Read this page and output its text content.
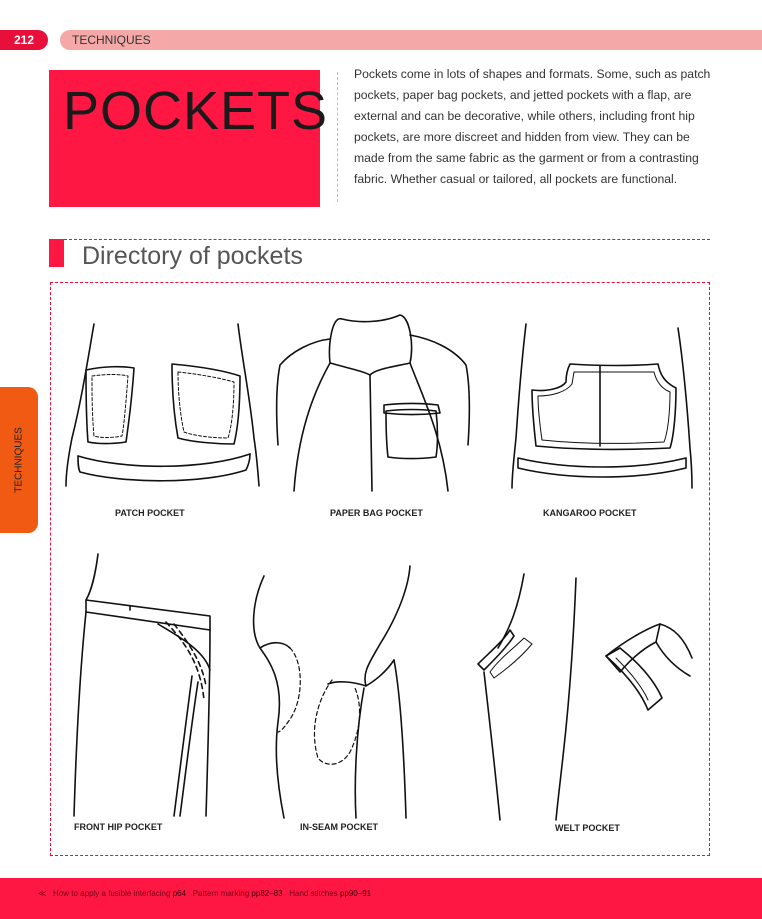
212	TECHNIQUES
POCKETS
Pockets come in lots of shapes and formats. Some, such as patch pockets, paper bag pockets, and jetted pockets with a flap, are external and can be decorative, while others, including front hip pockets, are more discreet and hidden from view. They can be made from the same fabric as the garment or from a contrasting fabric. Whether casual or tailored, all pockets are functional.
Directory of pockets
TECHNIQUES
PATCH POCKET	PAPER BAG POCKET	KANGAROO POCKET
FRONT HIP POCKET	IN-SEAM POCKET	WELT POCKET
≪ How to apply a fusible interfacing p64 Pattern marking pp82–83 Hand stitches pp90–91
